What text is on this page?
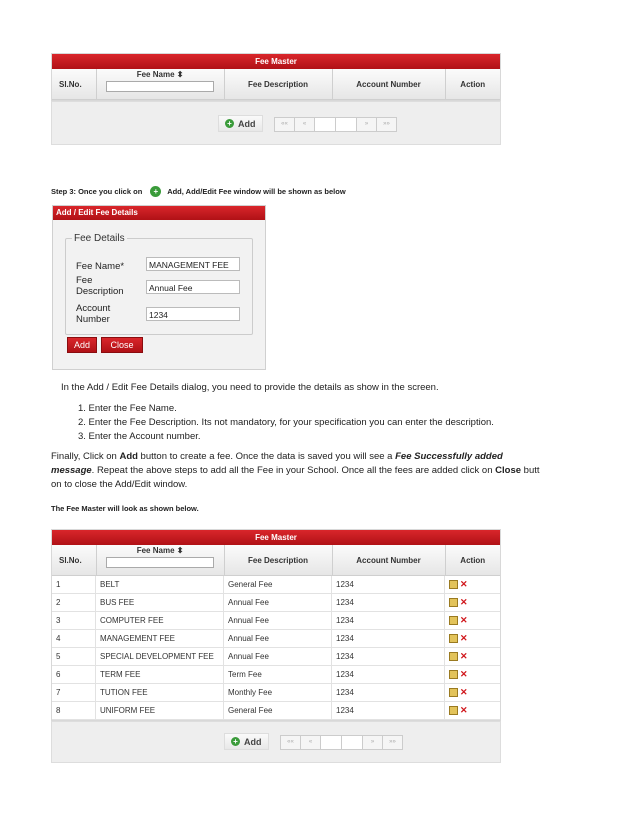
Fee Master
Sl.No.
Fee Name ⬍
Fee Description	Account Number	Action
+ Add	««	«	»	»»
Step 3: Once you click on + Add, Add/Edit Fee window will be shown as below
Add / Edit Fee Details
Fee Details
Fee Name*	MANAGEMENT FEE
Fee
Description	Annual Fee
Account
Number	1234
Add	Close
In the Add / Edit Fee Details dialog, you need to provide the details as show in the screen.
1. Enter the Fee Name.
2. Enter the Fee Description. Its not mandatory, for your specification you can enter the description.
3. Enter the Account number.
Finally, Click on Add button to create a fee. Once the data is saved you will see a Fee Successfully added
message. Repeat the above steps to add all the Fee in your School. Once all the fees are added click on Close butt
on to close the Add/Edit window.
The Fee Master will look as shown below.
Fee Master
Sl.No.
Fee Name ⬍
Fee Description	Account Number	Action
1	BELT	General Fee	1234	✕
2	BUS FEE	Annual Fee	1234	✕
3	COMPUTER FEE	Annual Fee	1234	✕
4	MANAGEMENT FEE	Annual Fee	1234	✕
5	SPECIAL DEVELOPMENT FEE	Annual Fee	1234	✕
6	TERM FEE	Term Fee	1234	✕
7	TUTION FEE	Monthly Fee	1234	✕
8	UNIFORM FEE	General Fee	1234	✕
+ Add	««	«	»	»»
